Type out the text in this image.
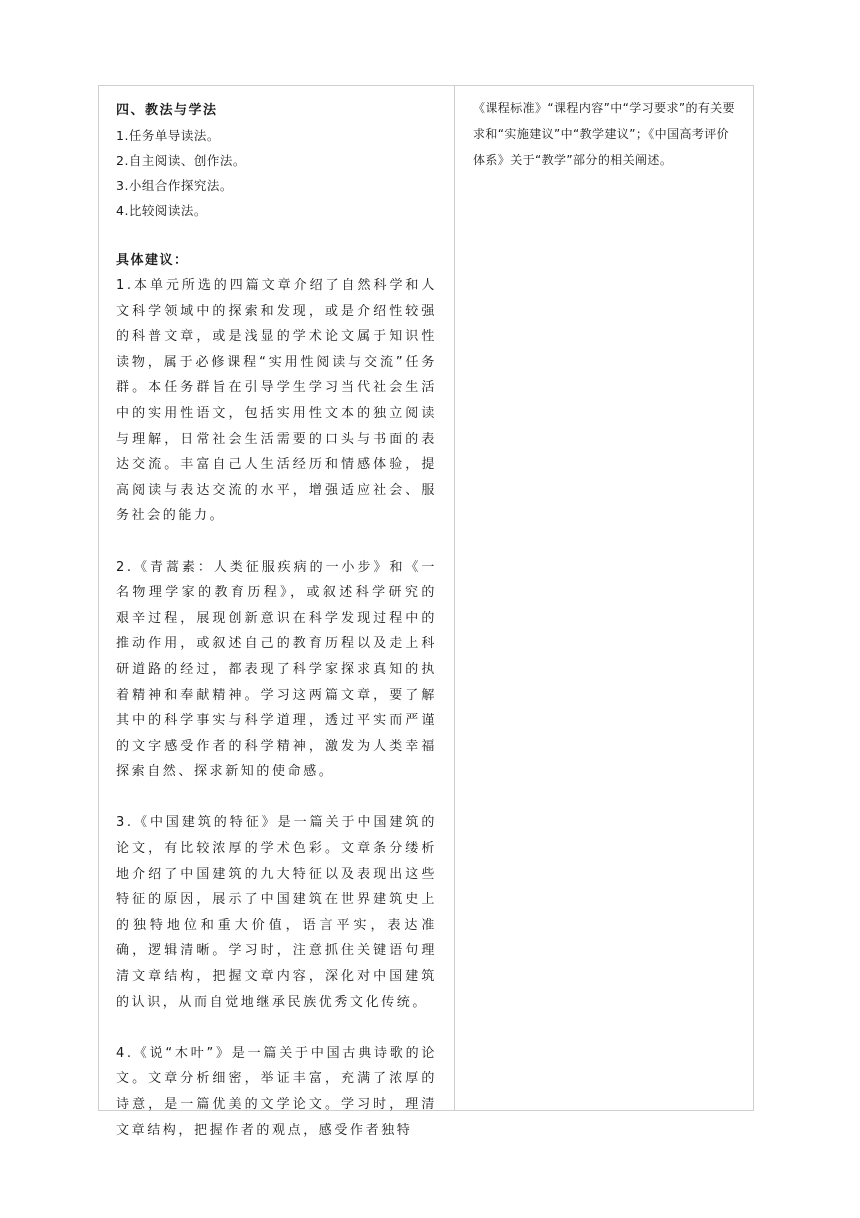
四、教法与学法

1.任务单导读法。

2.自主阅读、创作法。

3.小组合作探究法。

4.比较阅读法。

具体建议：

1.本单元所选的四篇文章介绍了自然科学和人文科学领域中的探索和发现，或是介绍性较强的科普文章，或是浅显的学术论文属于知识性读物，属于必修课程“实用性阅读与交流”任务群。本任务群旨在引导学生学习当代社会生活中的实用性语文，包括实用性文本的独立阅读与理解，日常社会生活需要的口头与书面的表达交流。丰富自己人生活经历和情感体验，提高阅读与表达交流的水平，增强适应社会、服务社会的能力。

2.《青蒿素：人类征服疾病的一小步》和《一名物理学家的教育历程》，或叙述科学研究的艰辛过程，展现创新意识在科学发现过程中的推动作用，或叙述自己的教育历程以及走上科研道路的经过，都表现了科学家探求真知的执着精神和奉献精神。学习这两篇文章，要了解其中的科学事实与科学道理，透过平实而严谨的文字感受作者的科学精神，激发为人类幸福探索自然、探求新知的使命感。

3.《中国建筑的特征》是一篇关于中国建筑的论文，有比较浓厚的学术色彩。文章条分缕析地介绍了中国建筑的九大特征以及表现出这些特征的原因，展示了中国建筑在世界建筑史上的独特地位和重大价值，语言平实，表达准确，逻辑清晰。学习时，注意抓住关键语句理清文章结构，把握文章内容，深化对中国建筑的认识，从而自觉地继承民族优秀文化传统。

4.《说“木叶”》是一篇关于中国古典诗歌的论文。文章分析细密，举证丰富，充满了浓厚的诗意，是一篇优美的文学论文。学习时，理清文章结构，把握作者的观点，感受作者独特

《课程标准》“课程内容”中“学习要求”的有关要求和“实施建议”中“教学建议”；《中国高考评价体系》关于“教学”部分的相关阐述。
